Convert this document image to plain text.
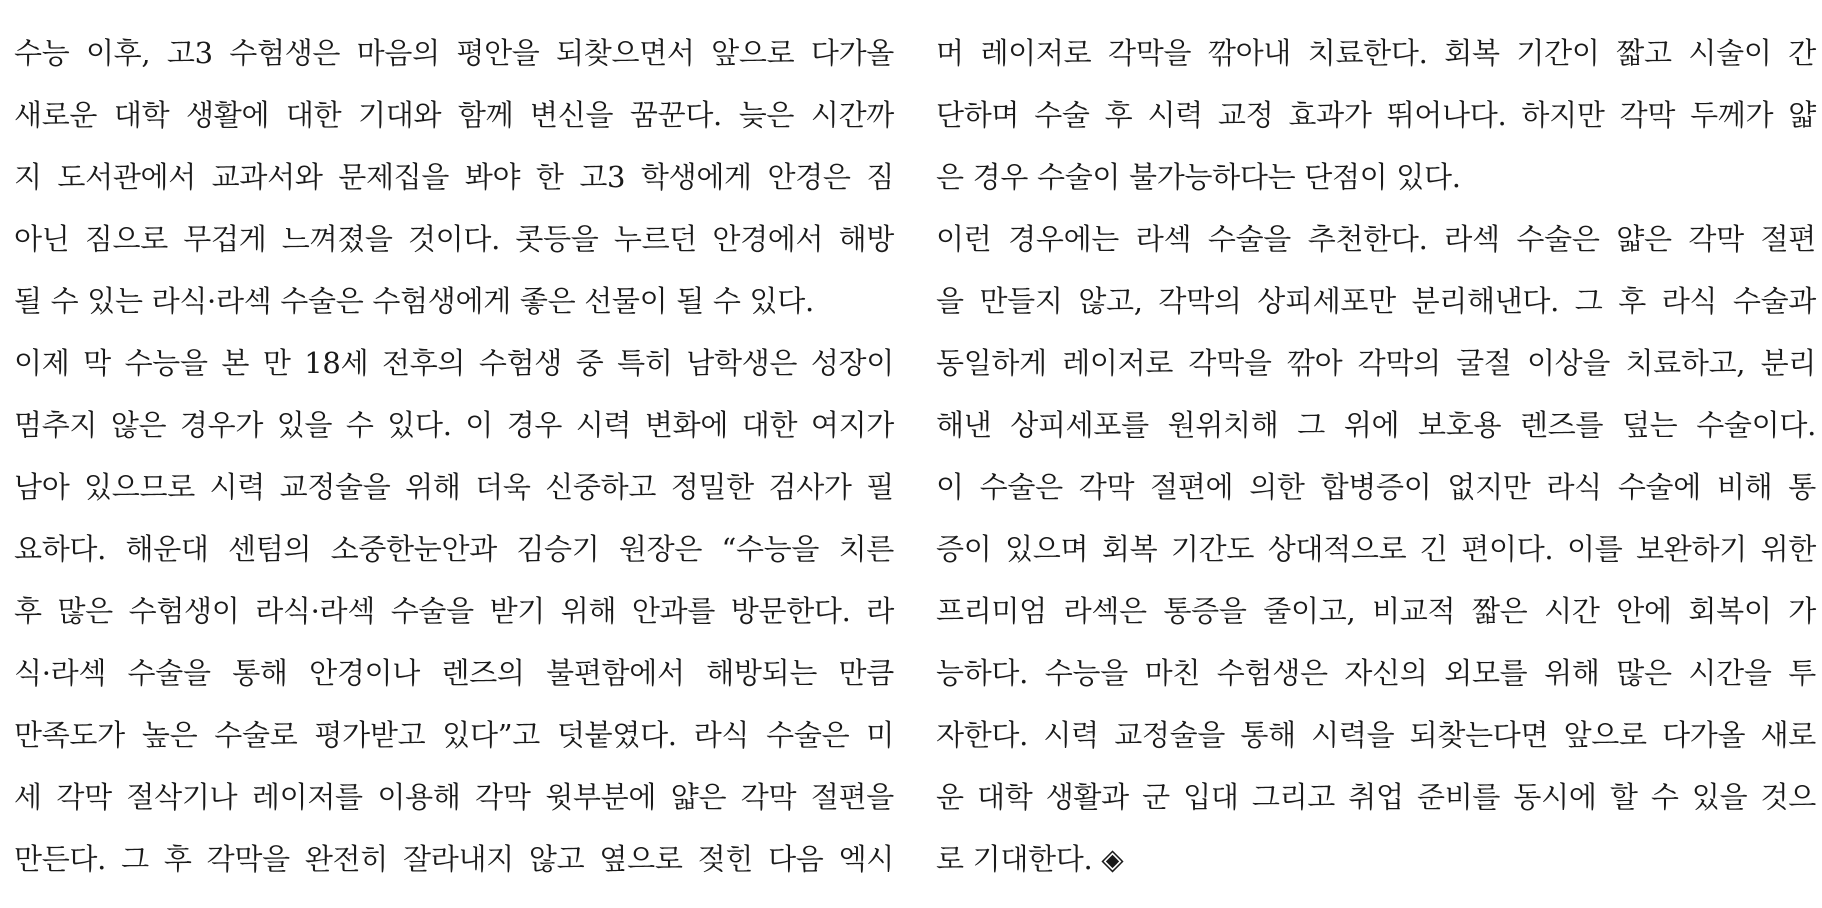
수능 이후, 고3 수험생은 마음의 평안을 되찾으면서 앞으로 다가올
새로운 대학 생활에 대한 기대와 함께 변신을 꿈꾼다. 늦은 시간까
지 도서관에서 교과서와 문제집을 봐야 한 고3 학생에게 안경은 짐
아닌 짐으로 무겁게 느껴졌을 것이다. 콧등을 누르던 안경에서 해방
될 수 있는 라식·라섹 수술은 수험생에게 좋은 선물이 될 수 있다.
이제 막 수능을 본 만 18세 전후의 수험생 중 특히 남학생은 성장이
멈추지 않은 경우가 있을 수 있다. 이 경우 시력 변화에 대한 여지가
남아 있으므로 시력 교정술을 위해 더욱 신중하고 정밀한 검사가 필
요하다. 해운대 센텀의 소중한눈안과 김승기 원장은 “수능을 치른
후 많은 수험생이 라식·라섹 수술을 받기 위해 안과를 방문한다. 라
식·라섹 수술을 통해 안경이나 렌즈의 불편함에서 해방되는 만큼
만족도가 높은 수술로 평가받고 있다”고 덧붙였다. 라식 수술은 미
세 각막 절삭기나 레이저를 이용해 각막 윗부분에 얇은 각막 절편을
만든다. 그 후 각막을 완전히 잘라내지 않고 옆으로 젖힌 다음 엑시
머 레이저로 각막을 깎아내 치료한다. 회복 기간이 짧고 시술이 간
단하며 수술 후 시력 교정 효과가 뛰어나다. 하지만 각막 두께가 얇
은 경우 수술이 불가능하다는 단점이 있다.
이런 경우에는 라섹 수술을 추천한다. 라섹 수술은 얇은 각막 절편
을 만들지 않고, 각막의 상피세포만 분리해낸다. 그 후 라식 수술과
동일하게 레이저로 각막을 깎아 각막의 굴절 이상을 치료하고, 분리
해낸 상피세포를 원위치해 그 위에 보호용 렌즈를 덮는 수술이다.
이 수술은 각막 절편에 의한 합병증이 없지만 라식 수술에 비해 통
증이 있으며 회복 기간도 상대적으로 긴 편이다. 이를 보완하기 위한
프리미엄 라섹은 통증을 줄이고, 비교적 짧은 시간 안에 회복이 가
능하다. 수능을 마친 수험생은 자신의 외모를 위해 많은 시간을 투
자한다. 시력 교정술을 통해 시력을 되찾는다면 앞으로 다가올 새로
운 대학 생활과 군 입대 그리고 취업 준비를 동시에 할 수 있을 것으
로 기대한다. ◈
